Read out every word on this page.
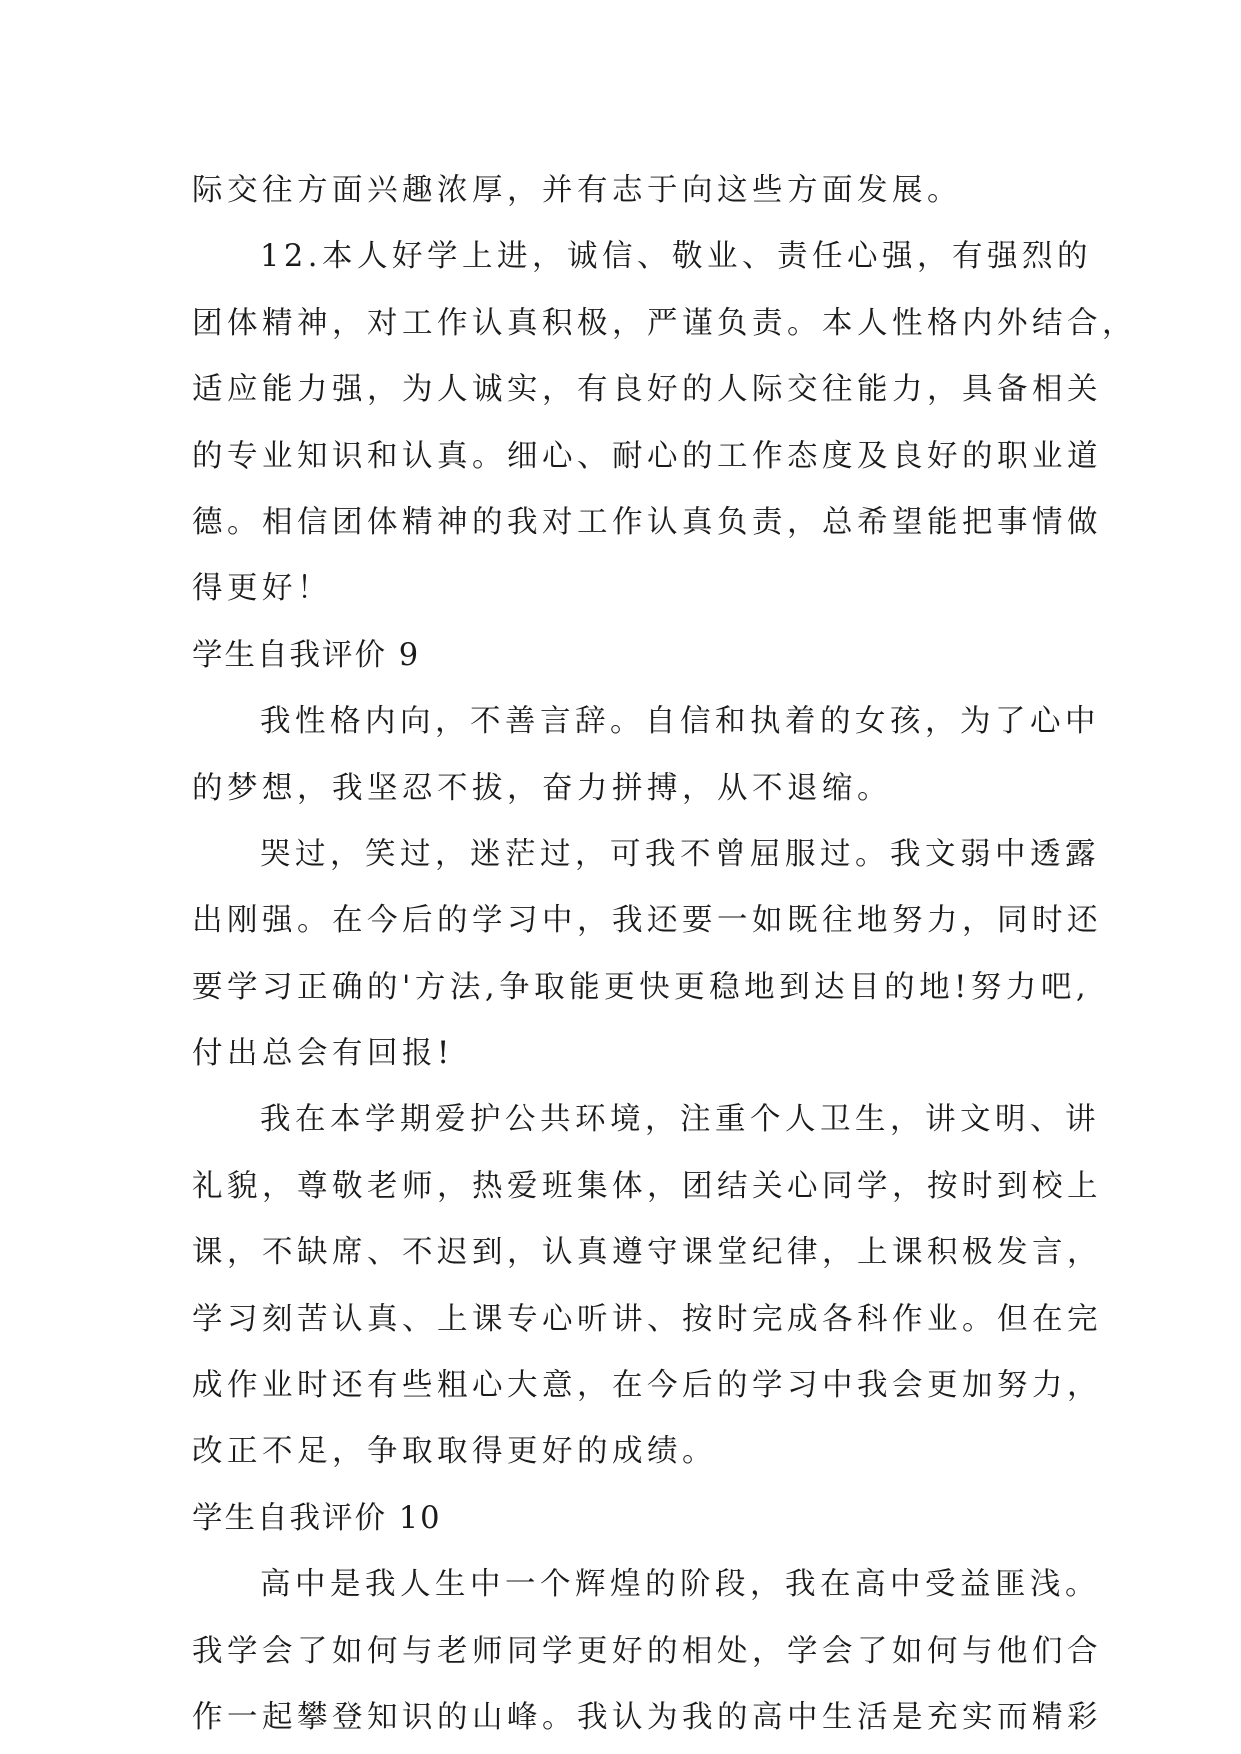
际交往方面兴趣浓厚，并有志于向这些方面发展。
12.本人好学上进，诚信、敬业、责任心强，有强烈的
团体精神，对工作认真积极，严谨负责。本人性格内外结合，
适应能力强，为人诚实，有良好的人际交往能力，具备相关
的专业知识和认真。细心、耐心的工作态度及良好的职业道
德。相信团体精神的我对工作认真负责，总希望能把事情做
得更好！
学生自我评价 9
我性格内向，不善言辞。自信和执着的女孩，为了心中
的梦想，我坚忍不拔，奋力拼搏，从不退缩。
哭过，笑过，迷茫过，可我不曾屈服过。我文弱中透露
出刚强。在今后的学习中，我还要一如既往地努力，同时还
要学习正确的'方法,争取能更快更稳地到达目的地!努力吧,
付出总会有回报!
我在本学期爱护公共环境，注重个人卫生，讲文明、讲
礼貌，尊敬老师，热爱班集体，团结关心同学，按时到校上
课，不缺席、不迟到，认真遵守课堂纪律，上课积极发言，
学习刻苦认真、上课专心听讲、按时完成各科作业。但在完
成作业时还有些粗心大意，在今后的学习中我会更加努力，
改正不足，争取取得更好的成绩。
学生自我评价 10
高中是我人生中一个辉煌的阶段，我在高中受益匪浅。
我学会了如何与老师同学更好的相处，学会了如何与他们合
作一起攀登知识的山峰。我认为我的高中生活是充实而精彩
